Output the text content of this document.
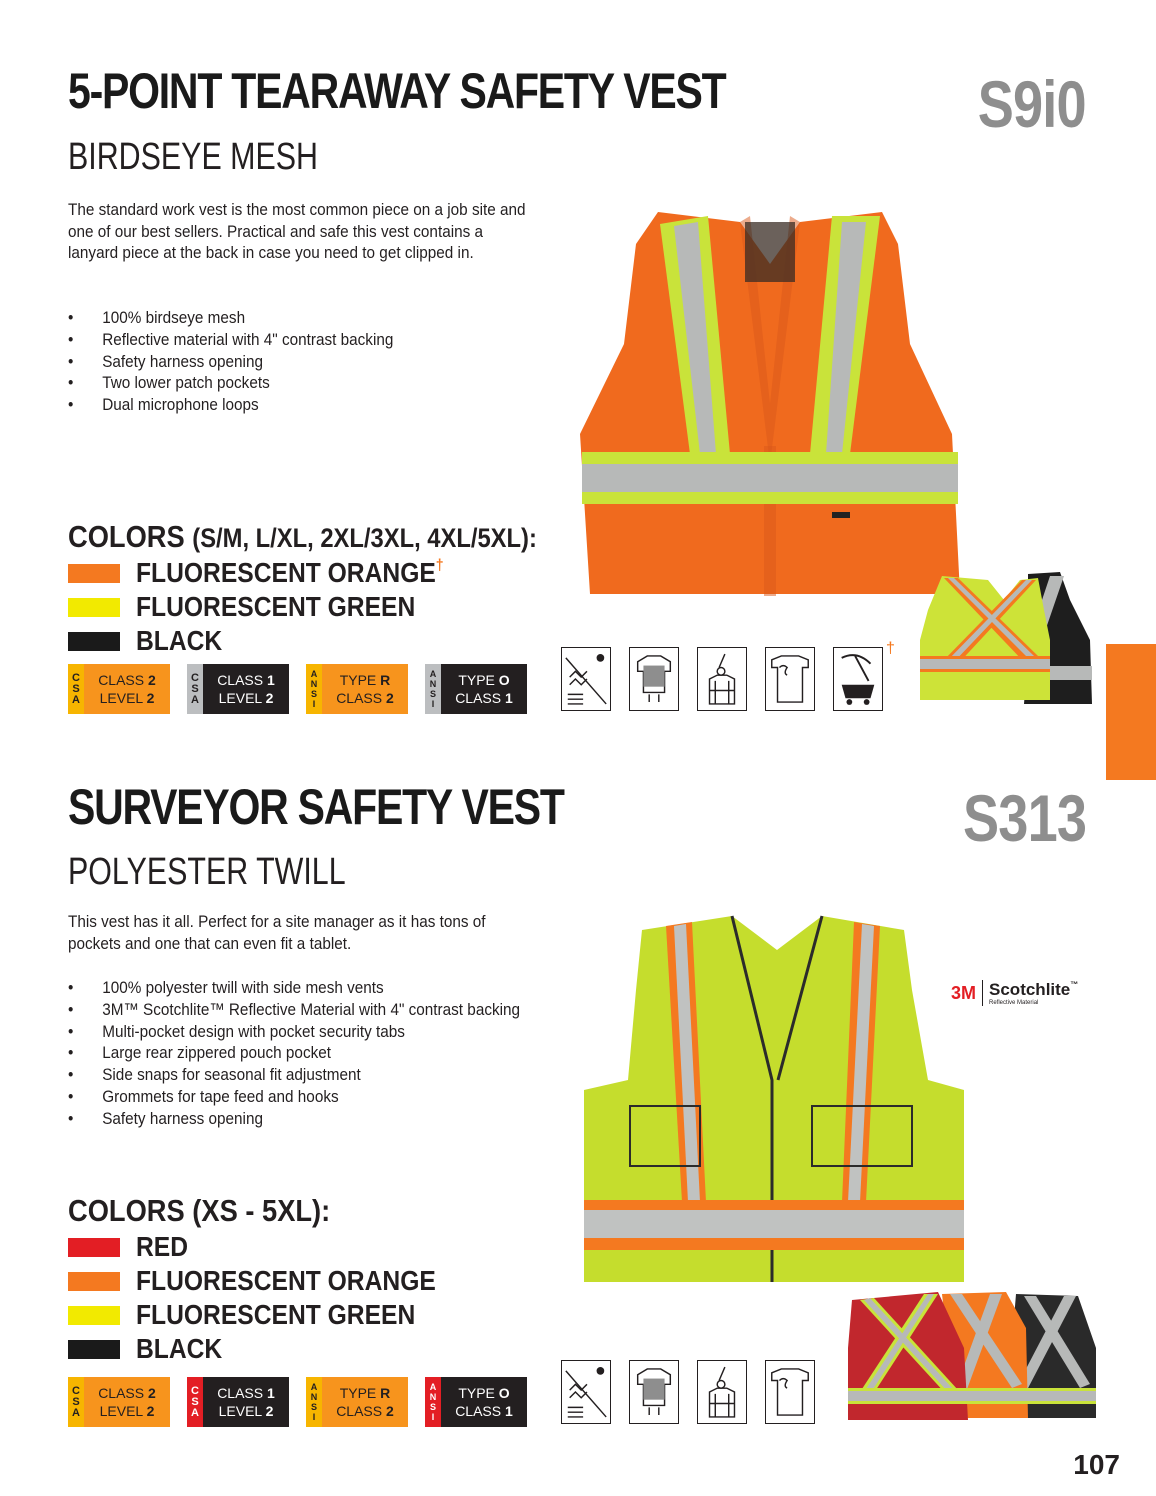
5-POINT TEARAWAY SAFETY VEST	S9i0
BIRDSEYE MESH
The standard work vest is the most common piece on a job site and one of our best sellers. Practical and safe this vest contains a lanyard piece at the back in case you need to get clipped in.
• 100% birdseye mesh
• Reflective material with 4" contrast backing
• Safety harness opening
• Two lower patch pockets
• Dual microphone loops
COLORS (S/M, L/XL, 2XL/3XL, 4XL/5XL):
FLUORESCENT ORANGE†
FLUORESCENT GREEN
BLACK
C
S
A
CLASS 2
LEVEL 2
C
S
A
CLASS 1
LEVEL 2
A
N
S
I
TYPE R
CLASS 2
A
N
S
I
TYPE O
CLASS 1
†
SURVEYOR SAFETY VEST	S313
POLYESTER TWILL
This vest has it all. Perfect for a site manager as it has tons of pockets and one that can even fit a tablet.
• 100% polyester twill with side mesh vents
• 3M™ Scotchlite™ Reflective Material with 4" contrast backing
• Multi-pocket design with pocket security tabs
• Large rear zippered pouch pocket
• Side snaps for seasonal fit adjustment
• Grommets for tape feed and hooks
• Safety harness opening
3M Scotchlite™
Reflective Material
COLORS (XS - 5XL):
RED
FLUORESCENT ORANGE
FLUORESCENT GREEN
BLACK
C
S
A
CLASS 2
LEVEL 2
C
S
A
CLASS 1
LEVEL 2
A
N
S
I
TYPE R
CLASS 2
A
N
S
I
TYPE O
CLASS 1
107
